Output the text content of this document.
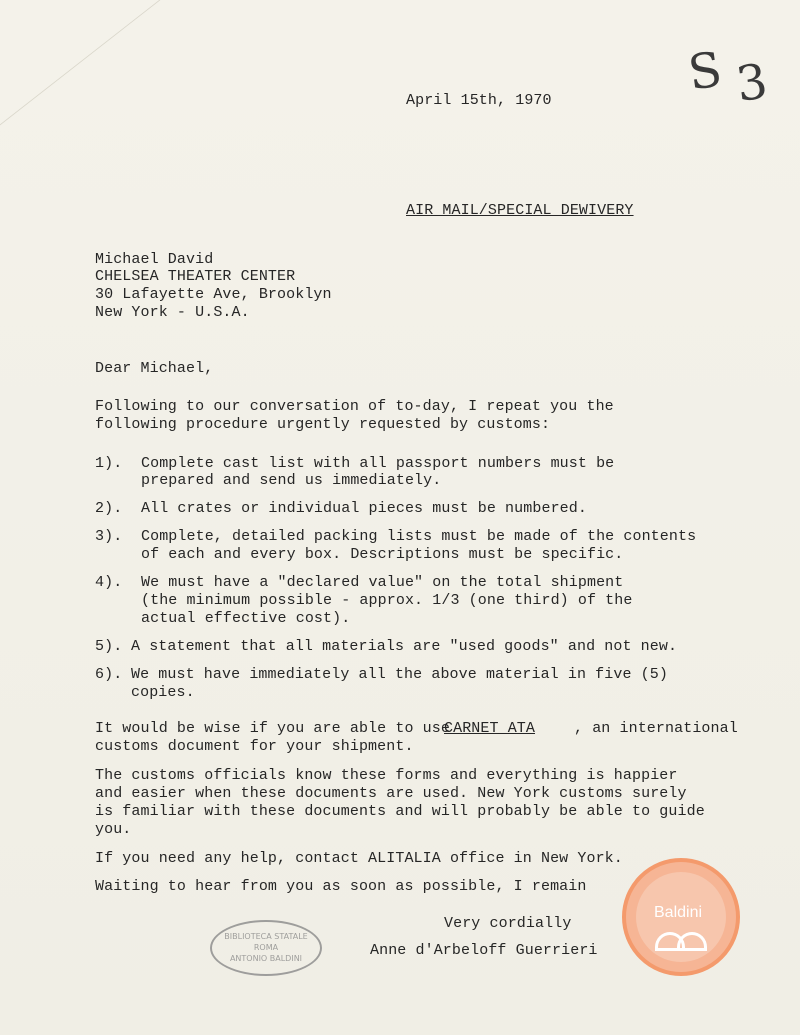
S 3
April 15th, 1970
AIR MAIL/SPECIAL DEWIVERY
Michael David
CHELSEA THEATER CENTER
30 Lafayette Ave, Brooklyn
New York - U.S.A.
Dear Michael,
Following to our conversation of to-day, I repeat you the
following procedure urgently requested by customs:
1). Complete cast list with all passport numbers must be
prepared and send us immediately.
2). All crates or individual pieces must be numbered.
3). Complete, detailed packing lists must be made of the contents
of each and every box. Descriptions must be specific.
4). We must have a "declared value" on the total shipment
(the minimum possible - approx. 1/3 (one third) of the
actual effective cost).
5). A statement that all materials are "used goods" and not new.
6). We must have immediately all the above material in five (5)
copies.
It would be wise if you are able to use
CARNET ATA	, an international
customs document for your shipment.
The customs officials know these forms and everything is happier
and easier when these documents are used. New York customs surely
is familiar with these documents and will probably be able to guide
you.
If you need any help, contact ALITALIA office in New York.
Waiting to hear from you as soon as possible, I remain
Very cordially
Anne d'Arbeloff Guerrieri
BIBLIOTECA STATALE
ROMA
ANTONIO BALDINI
Baldini
